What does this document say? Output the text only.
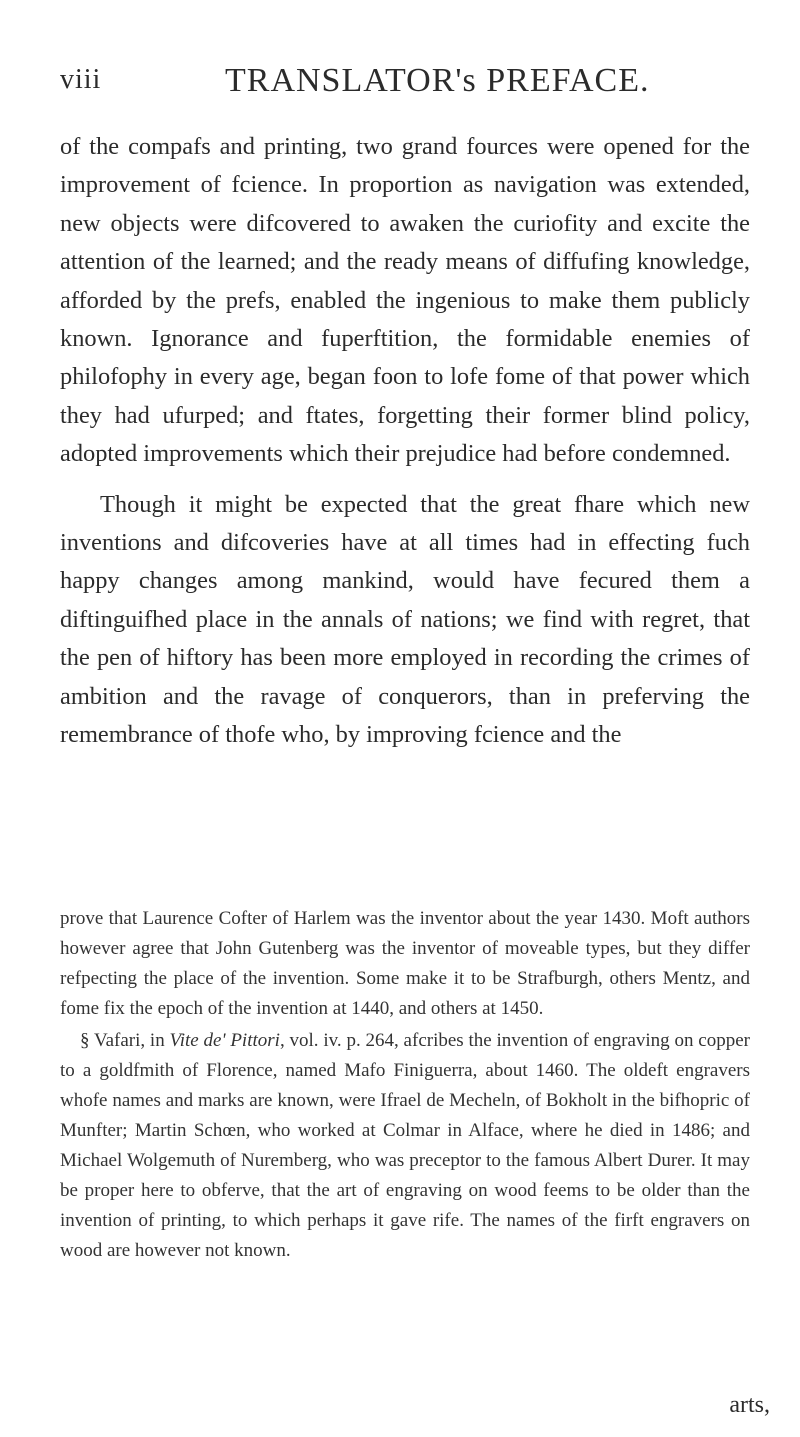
viii	TRANSLATOR's PREFACE.

of the compafs and printing, two grand fources were opened for the improvement of fcience. In proportion as navigation was extended, new objects were difcovered to awaken the curiofity and excite the attention of the learned; and the ready means of diffufing knowledge, afforded by the prefs, enabled the ingenious to make them publicly known. Ignorance and fuperftition, the formidable enemies of philofophy in every age, began foon to lofe fome of that power which they had ufurped; and ftates, forgetting their former blind policy, adopted improvements which their prejudice had before condemned.

Though it might be expected that the great fhare which new inventions and difcoveries have at all times had in effecting fuch happy changes among mankind, would have fecured them a diftinguifhed place in the annals of nations; we find with regret, that the pen of hiftory has been more employed in recording the crimes of ambition and the ravage of conquerors, than in preferving the remembrance of thofe who, by improving fcience and the

prove that Laurence Cofter of Harlem was the inventor about the year 1430. Moft authors however agree that John Gutenberg was the inventor of moveable types, but they differ refpecting the place of the invention. Some make it to be Strafburgh, others Mentz, and fome fix the epoch of the invention at 1440, and others at 1450.

§ Vafari, in Vite de' Pittori, vol. iv. p. 264, afcribes the invention of engraving on copper to a goldfmith of Florence, named Mafo Finiguerra, about 1460. The oldeft engravers whofe names and marks are known, were Ifrael de Mecheln, of Bokholt in the bifhopric of Munfter; Martin Schœn, who worked at Colmar in Alface, where he died in 1486; and Michael Wolgemuth of Nuremberg, who was preceptor to the famous Albert Durer. It may be proper here to obferve, that the art of engraving on wood feems to be older than the invention of printing, to which perhaps it gave rife. The names of the firft engravers on wood are however not known.

arts,
